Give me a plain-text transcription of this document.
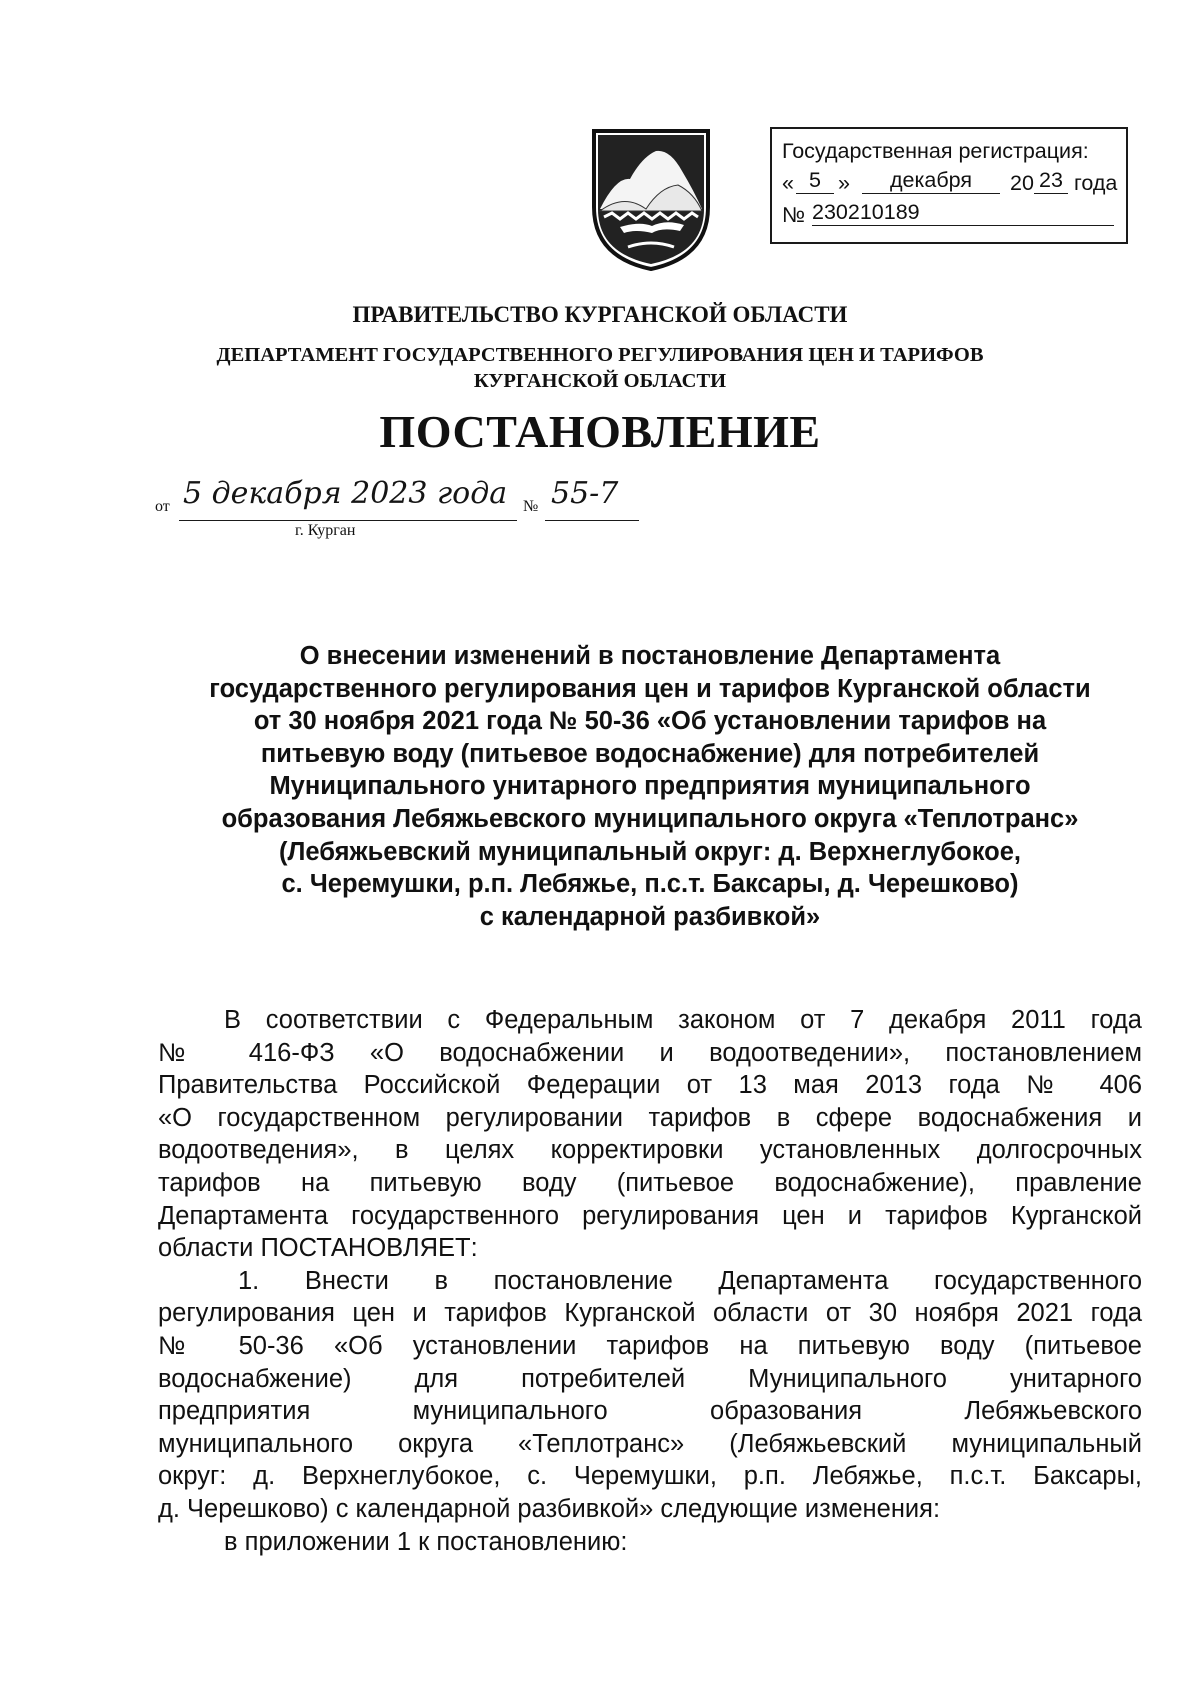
Государственная регистрация:
« 5 »	декабря	20 23 года
№ 230210189
ПРАВИТЕЛЬСТВО КУРГАНСКОЙ ОБЛАСТИ
ДЕПАРТАМЕНТ ГОСУДАРСТВЕННОГО РЕГУЛИРОВАНИЯ ЦЕН И ТАРИФОВ
КУРГАНСКОЙ ОБЛАСТИ
ПОСТАНОВЛЕНИЕ
от 5 декабря 2023 года № 55-7
г. Курган
О внесении изменений в постановление Департамента
государственного регулирования цен и тарифов Курганской области
от 30 ноября 2021 года № 50-36 «Об установлении тарифов на
питьевую воду (питьевое водоснабжение) для потребителей
Муниципального унитарного предприятия муниципального
образования Лебяжьевского муниципального округа «Теплотранс»
(Лебяжьевский муниципальный округ: д. Верхнеглубокое,
с. Черемушки, р.п. Лебяжье, п.с.т. Баксары, д. Черешково)
с календарной разбивкой»

В соответствии с Федеральным законом от 7 декабря 2011 года

№ 416-ФЗ «О водоснабжении и водоотведении», постановлением

Правительства Российской Федерации от 13 мая 2013 года № 406

«О государственном регулировании тарифов в сфере водоснабжения и

водоотведения», в целях корректировки установленных долгосрочных

тарифов на питьевую воду (питьевое водоснабжение), правление

Департамента государственного регулирования цен и тарифов Курганской

области ПОСТАНОВЛЯЕТ:

1. Внести в постановление Департамента государственного

регулирования цен и тарифов Курганской области от 30 ноября 2021 года

№ 50-36 «Об установлении тарифов на питьевую воду (питьевое

водоснабжение) для потребителей Муниципального унитарного

предприятия муниципального образования Лебяжьевского

муниципального округа «Теплотранс» (Лебяжьевский муниципальный

округ: д. Верхнеглубокое, с. Черемушки, р.п. Лебяжье, п.с.т. Баксары,

д. Черешково) с календарной разбивкой» следующие изменения:

в приложении 1 к постановлению:
